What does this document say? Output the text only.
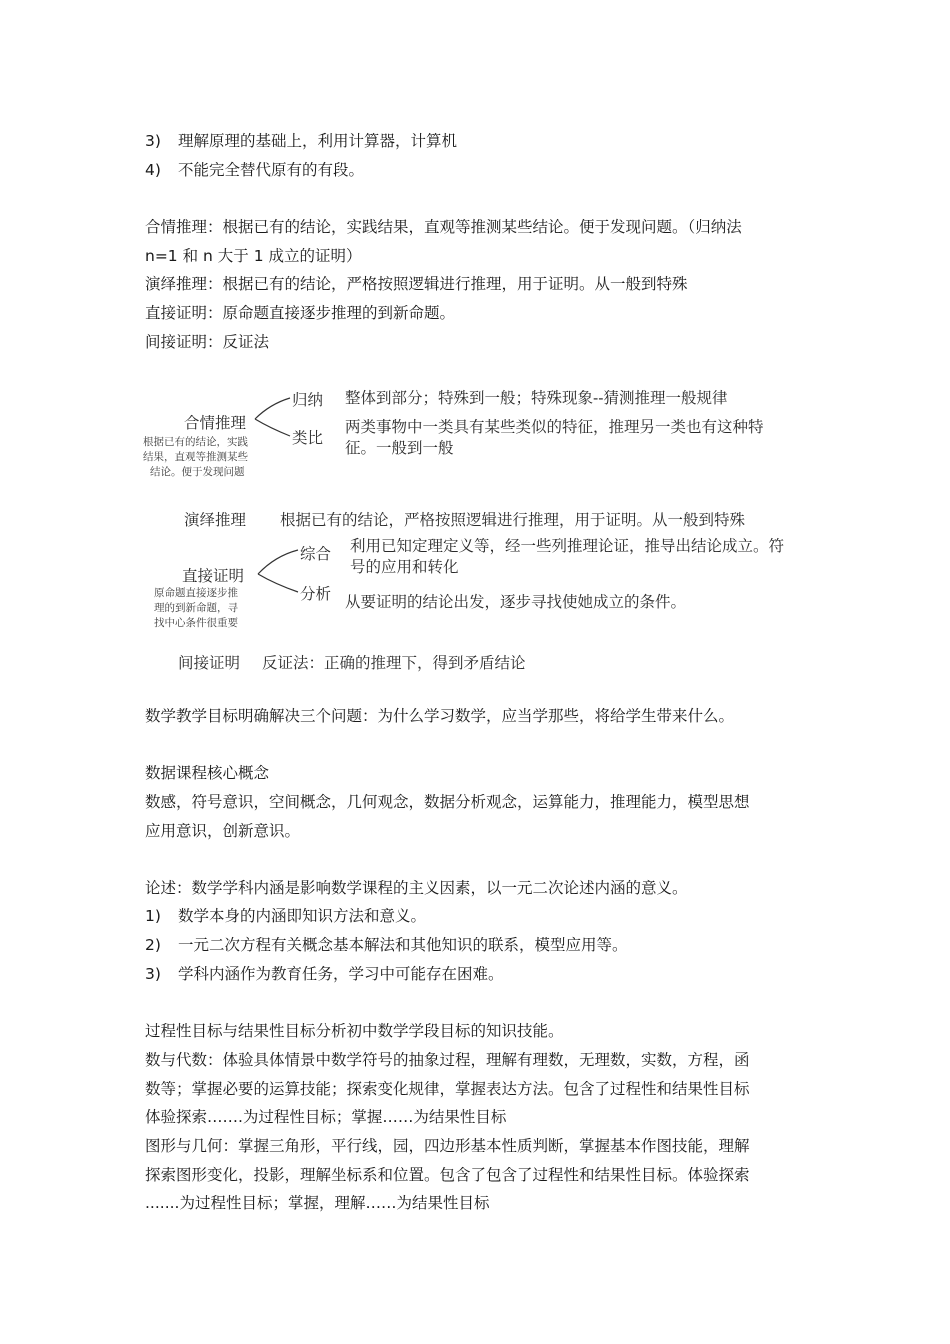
3) 理解原理的基础上，利用计算器，计算机
4) 不能完全替代原有的有段。
合情推理：根据已有的结论，实践结果，直观等推测某些结论。便于发现问题。（归纳法
n=1 和 n 大于 1 成立的证明）
演绎推理：根据已有的结论，严格按照逻辑进行推理，用于证明。从一般到特殊
直接证明：原命题直接逐步推理的到新命题。
间接证明：反证法
合情推理
根据已有的结论，实践
结果，直观等推测某些
结论。便于发现问题
归纳 整体到部分；特殊到一般；特殊现象--猜测推理一般规律
类比
两类事物中一类具有某些类似的特征，推理另一类也有这种特
征。一般到一般
演绎推理 根据已有的结论，严格按照逻辑进行推理，用于证明。从一般到特殊
直接证明
原命题直接逐步推
理的到新命题，寻
找中心条件很重要
综合 利用已知定理定义等，经一些列推理论证，推导出结论成立。符
号的应用和转化
分析 从要证明的结论出发，逐步寻找使她成立的条件。
间接证明 反证法：正确的推理下，得到矛盾结论
数学教学目标明确解决三个问题：为什么学习数学，应当学那些，将给学生带来什么。
数据课程核心概念
数感，符号意识，空间概念，几何观念，数据分析观念，运算能力，推理能力，模型思想
应用意识，创新意识。
论述：数学学科内涵是影响数学课程的主义因素，以一元二次论述内涵的意义。
1) 数学本身的内涵即知识方法和意义。
2) 一元二次方程有关概念基本解法和其他知识的联系，模型应用等。
3) 学科内涵作为教育任务，学习中可能存在困难。
过程性目标与结果性目标分析初中数学学段目标的知识技能。
数与代数：体验具体情景中数学符号的抽象过程，理解有理数，无理数，实数，方程，函
数等；掌握必要的运算技能；探索变化规律，掌握表达方法。包含了过程性和结果性目标
体验探索…….为过程性目标；掌握……为结果性目标
图形与几何：掌握三角形，平行线，园，四边形基本性质判断，掌握基本作图技能，理解
探索图形变化，投影，理解坐标系和位置。包含了包含了过程性和结果性目标。体验探索
.......为过程性目标；掌握，理解……为结果性目标
